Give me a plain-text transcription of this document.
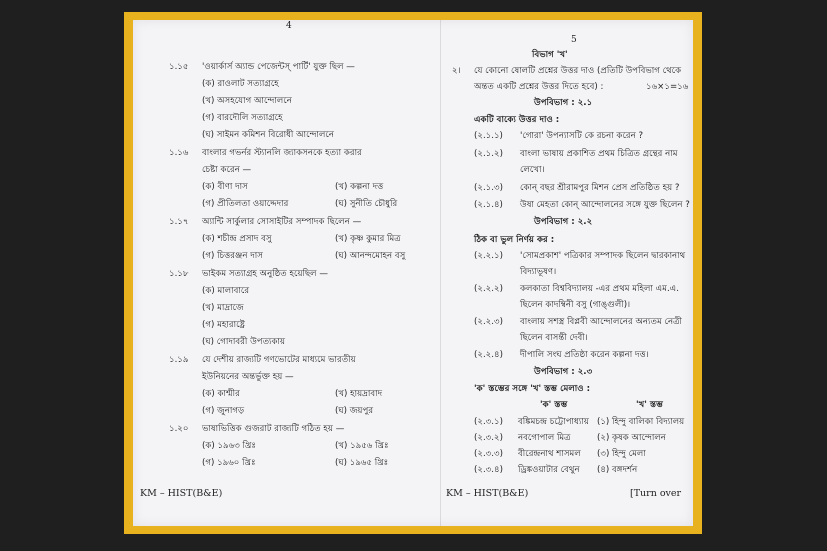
4
১.১৫ 'ওয়ার্কার্স অ্যান্ড পেজেন্টস্ পার্টি' যুক্ত ছিল —
(ক) রাওলাট সত্যাগ্রহে
(খ) অসহযোগ আন্দোলনে
(গ) বারদৌলি সত্যাগ্রহে
(ঘ) সাইমন কমিশন বিরোধী আন্দোলনে
১.১৬ বাংলার গভর্নর স্ট্যানলি জ্যাকসনকে হত্যা করার
চেষ্টা করেন —
(ক) বীণা দাস	(খ) কল্পনা দত্ত
(গ) প্রীতিলতা ওয়াদ্দেদার	(ঘ) সুনীতি চৌধুরি
১.১৭ অ্যান্টি সার্কুলার সোসাইটির সম্পাদক ছিলেন —
(ক) শচীন্দ্র প্রসাদ বসু	(খ) কৃষ্ণ কুমার মিত্র
(গ) চিত্তরঞ্জন দাস	(ঘ) আনন্দমোহন বসু
১.১৮ ভাইকম সত্যাগ্রহ অনুষ্ঠিত হয়েছিল —
(ক) মালাবারে
(খ) মাদ্রাজে
(গ) মহারাষ্ট্রে
(ঘ) গোদাবরী উপত্যকায়
১.১৯ যে দেশীয় রাজ্যটি গণভোটের মাধ্যমে ভারতীয়
ইউনিয়নের অন্তর্ভুক্ত হয় —
(ক) কাশ্মীর	(খ) হায়দ্রাবাদ
(গ) জুনাগড়	(ঘ) জয়পুর
১.২০ ভাষাভিত্তিক গুজরাট রাজ্যটি গঠিত হয় —
(ক) ১৯৬৩ খ্রিঃ	(খ) ১৯৫৬ খ্রিঃ
(গ) ১৯৬০ খ্রিঃ	(ঘ) ১৯৬৫ খ্রিঃ
KM – HIST(B&E)
5
বিভাগ 'খ'
২। যে কোনো ষোলটি প্রশ্নের উত্তর দাও (প্রতিটি উপবিভাগ থেকে
অন্তত একটি প্রশ্নের উত্তর দিতে হবে) :	১৬×১=১৬
উপবিভাগ : ২.১
একটি বাক্যে উত্তর দাও :
(২.১.১) 'গোরা' উপন্যাসটি কে রচনা করেন ?
(২.১.২) বাংলা ভাষায় প্রকাশিত প্রথম চিত্রিত গ্রন্থের নাম
লেখো।
(২.১.৩) কোন্ বছর শ্রীরামপুর মিশন প্রেস প্রতিষ্ঠিত হয় ?
(২.১.৪) উষা মেহতা কোন্ আন্দোলনের সঙ্গে যুক্ত ছিলেন ?
উপবিভাগ : ২.২
ঠিক বা ভুল নির্ণয় কর :
(২.২.১) 'সোমপ্রকাশ' পত্রিকার সম্পাদক ছিলেন দ্বারকানাথ
বিদ্যাভূষণ।
(২.২.২) কলকাতা বিশ্ববিদ্যালয় -এর প্রথম মহিলা এম.এ.
ছিলেন কাদম্বিনী বসু (গাঙ্গুলী)।
(২.২.৩) বাংলায় সশস্ত্র বিপ্লবী আন্দোলনের অন্যতম নেত্রী
ছিলেন বাসন্তী দেবী।
(২.২.৪) দীপালি সংঘ প্রতিষ্ঠা করেন কল্পনা দত্ত।
উপবিভাগ : ২.৩
'ক' স্তম্ভের সঙ্গে 'খ' স্তম্ভ মেলাও :
'ক' স্তম্ভ	'খ' স্তম্ভ
(২.৩.১) বঙ্কিমচন্দ্র চট্টোপাধ্যায় (১) হিন্দু বালিকা বিদ্যালয়
(২.৩.২) নবগোপাল মিত্র	(২) কৃষক আন্দোলন
(২.৩.৩) বীরেন্দ্রনাথ শাসমল (৩) হিন্দু মেলা
(২.৩.৪) ড্রিঙ্কওয়াটার বেথুন (৪) বঙ্গদর্শন
KM – HIST(B&E)	[Turn over
